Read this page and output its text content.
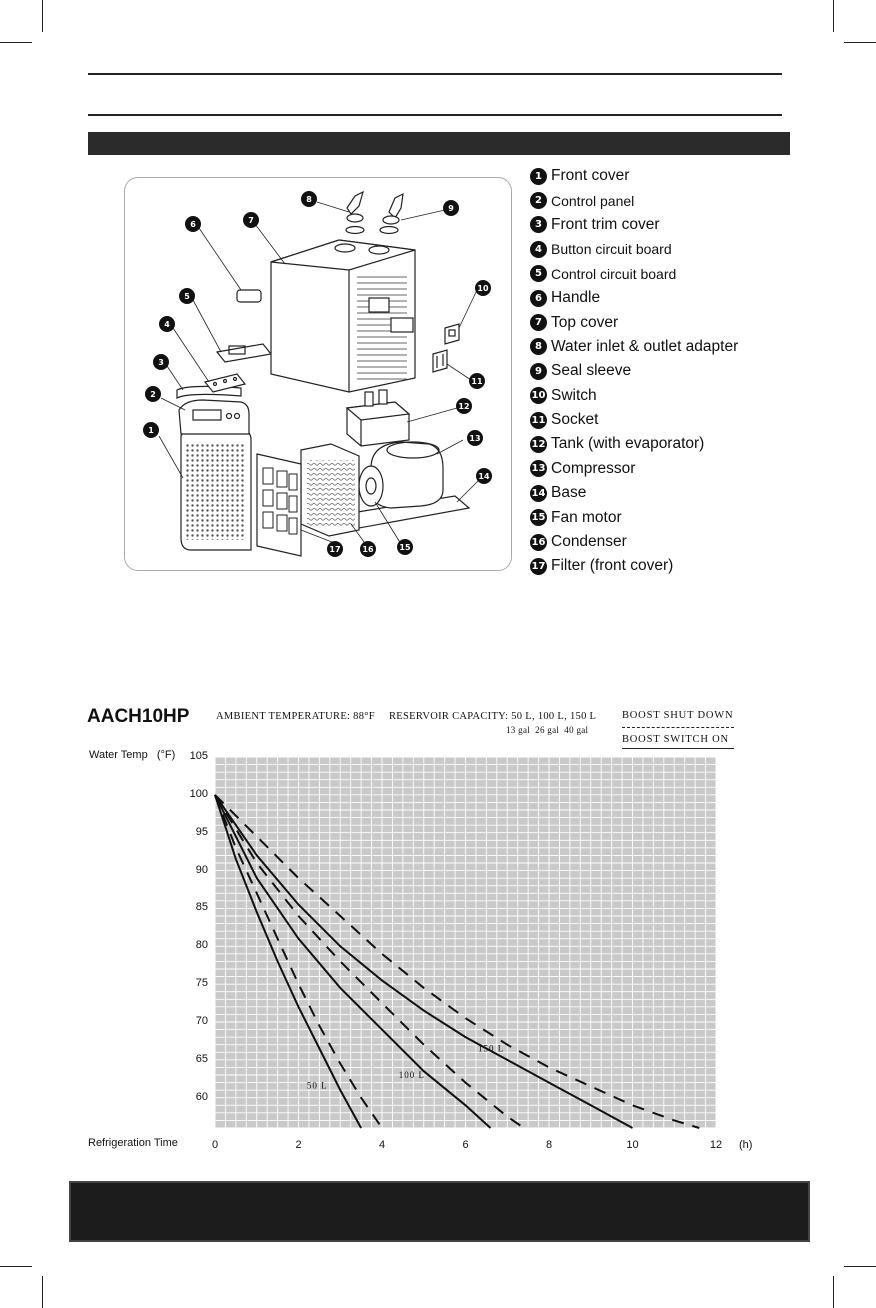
1
2
3
4
5
6	7
8
9
10
11
12
13
14
15
16
17
1 Front cover
2 Control panel
3 Front trim cover
4 Button circuit board
5 Control circuit board
6 Handle
7 Top cover
8 Water inlet & outlet adapter
9 Seal sleeve
10 Switch
11 Socket
12 Tank (with evaporator)
13 Compressor
14 Base
15 Fan motor
16 Condenser
17 Filter (front cover)
AACH10HP	AMBIENT TEMPERATURE: 88°F RESERVOIR CAPACITY: 50 L, 100 L, 150 L
13 gal  26 gal  40 gal
BOOST SHUT DOWN
BOOST SWITCH ON
Water Temp   (°F)
Refrigeration Time	(h)
50 L
100 L
150 L
105
100
95
90
85
80
75
70
65
60
0	2	4	6	8	10	12
